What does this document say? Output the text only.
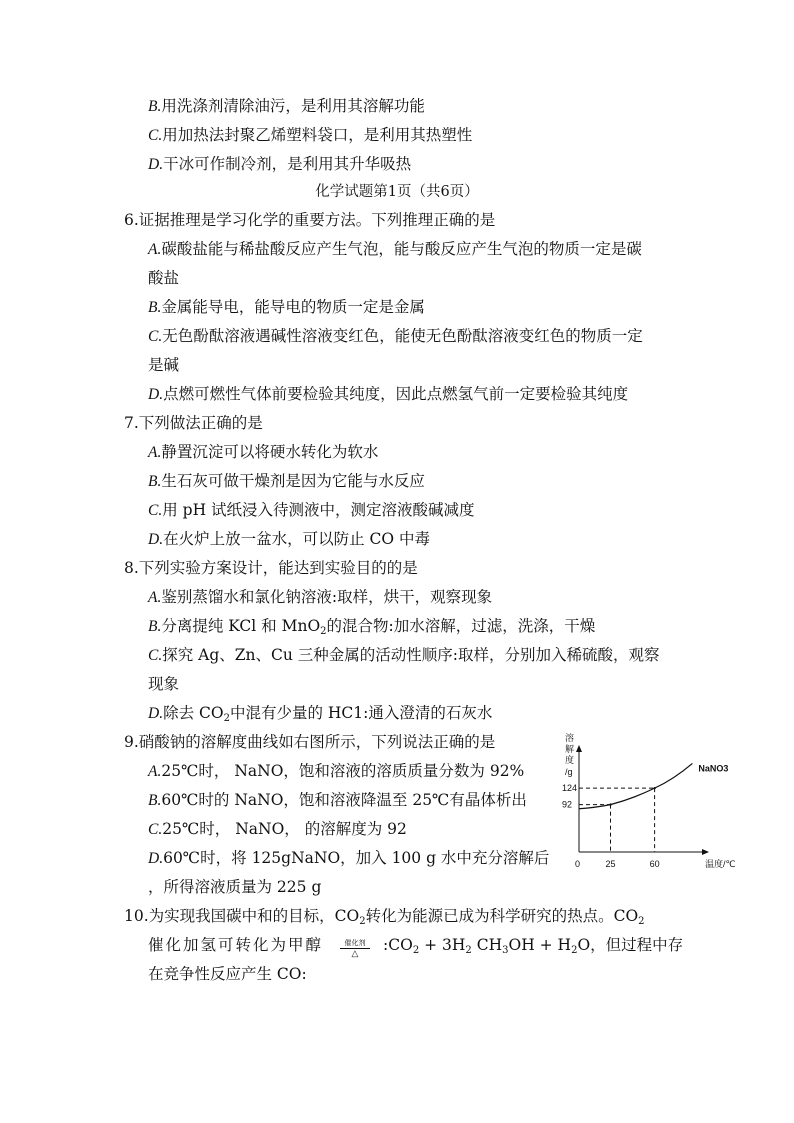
B.用洗涤剂清除油污，是利用其溶解功能
C.用加热法封聚乙烯塑料袋口，是利用其热塑性
D.干冰可作制冷剂，是利用其升华吸热
化学试题第1页（共6页）
6.证据推理是学习化学的重要方法。下列推理正确的是
A.碳酸盐能与稀盐酸反应产生气泡，能与酸反应产生气泡的物质一定是碳
酸盐
B.金属能导电，能导电的物质一定是金属
C.无色酚酞溶液遇碱性溶液变红色，能使无色酚酞溶液变红色的物质一定
是碱
D.点燃可燃性气体前要检验其纯度，因此点燃氢气前一定要检验其纯度
7.下列做法正确的是
A.静置沉淀可以将硬水转化为软水
B.生石灰可做干燥剂是因为它能与水反应
C.用 pH 试纸浸入待测液中，测定溶液酸碱减度
D.在火炉上放一盆水，可以防止 CO 中毒
8.下列实验方案设计，能达到实验目的的是
A.鉴别蒸馏水和氯化钠溶液:取样，烘干，观察现象
B.分离提纯 KCl 和 MnO$_2$的混合物:加水溶解，过滤，洗涤，干燥
C.探究 Ag、Zn、Cu 三种金属的活动性顺序:取样，分别加入稀硫酸，观察
现象
D.除去 $CO_2$中混有少量的 HC1:通入澄清的石灰水
9.硝酸钠的溶解度曲线如右图所示，下列说法正确的是
A.25℃时， NaNO，饱和溶液的溶质质量分数为 92%
B.60℃时的 NaNO，饱和溶液降温至 25℃有晶体析出
C.25℃时， NaNO， 的溶解度为 92
D.60℃时，将 125gNaNO，加入 100 g 水中充分溶解后
，所得溶液质量为 225 g
10.为实现我国碳中和的目标，$CO_2$转化为能源已成为科学研究的热点。$CO_2$
催化加氢可转化为甲醇	$:CO_2 + 3H_2$ $CH_3OH + H_2O$，但过程中存
催化剂
△
在竞争性反应产生 CO:
溶
解
度
/g
温度/℃
0
NaNO3
92
124
25	60
